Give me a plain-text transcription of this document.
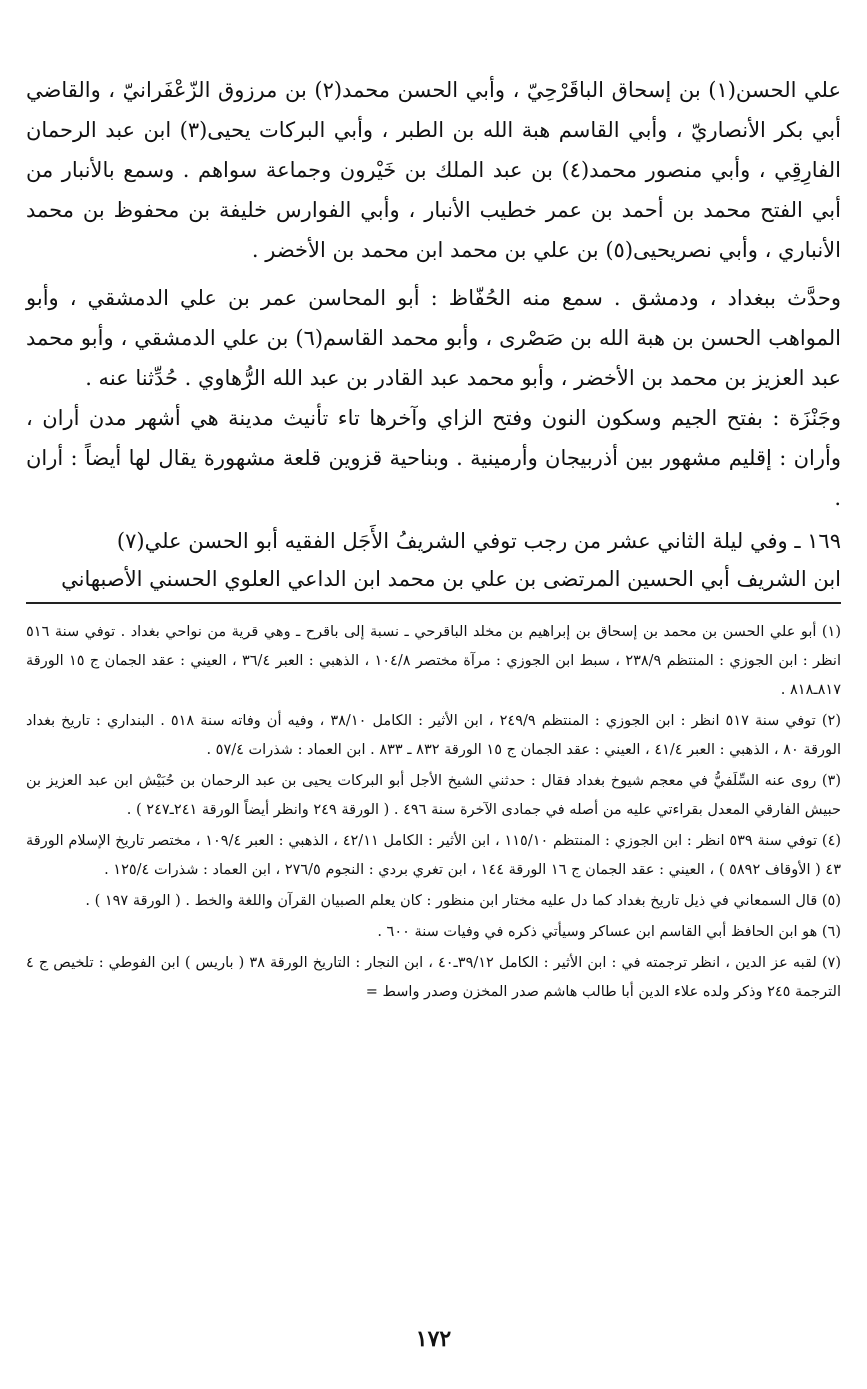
علي الحسن(١) بن إسحاق الباقَرْحِيّ ، وأبي الحسن محمد(٢) بن مرزوق الزّعْفَرانيّ ، والقاضي أبي بكر الأنصاريّ ، وأبي القاسم هبة الله بن الطبر ، وأبي البركات يحيى(٣) ابن عبد الرحمان الفارِقِي ، وأبي منصور محمد(٤) بن عبد الملك بن خَيْرون وجماعة سواهم . وسمع بالأنبار من أبي الفتح محمد بن أحمد بن عمر خطيب الأنبار ، وأبي الفوارس خليفة بن محفوظ بن محمد الأنباري ، وأبي نصريحيى(٥) بن علي بن محمد ابن محمد بن الأخضر .

وحدَّث ببغداد ، ودمشق . سمع منه الحُفّاظ : أبو المحاسن عمر بن علي الدمشقي ، وأبو المواهب الحسن بن هبة الله بن صَصْرى ، وأبو محمد القاسم(٦) بن علي الدمشقي ، وأبو محمد عبد العزيز بن محمد بن الأخضر ، وأبو محمد عبد القادر بن عبد الله الرُّهاوي . حُدِّثنا عنه .

وجَنْزَة : بفتح الجيم وسكون النون وفتح الزاي وآخرها تاء تأنيث مدينة هي أشهر مدن أران ، وأران : إقليم مشهور بين أذربيجان وأرمينية . وبناحية قزوين قلعة مشهورة يقال لها أيضاً : أران .

١٦٩ ـ وفي ليلة الثاني عشر من رجب توفي الشريفُ الأَجَل الفقيه أبو الحسن علي(٧)
ابن الشريف أبي الحسين المرتضى بن علي بن محمد ابن الداعي العلوي الحسني الأصبهاني

(١) أبو علي الحسن بن محمد بن إسحاق بن إبراهيم بن مخلد الباقرحي ـ نسبة إلى باقرح ـ وهي قرية من نواحي بغداد . توفي سنة ٥١٦ انظر : ابن الجوزي : المنتظم ٢٣٨/٩ ، سبط ابن الجوزي : مرآة مختصر ١٠٤/٨ ، الذهبي : العبر ٣٦/٤ ، العيني : عقد الجمان ج ١٥ الورقة ٨١٧ـ٨١٨ .

(٢) توفي سنة ٥١٧ انظر : ابن الجوزي : المنتظم ٢٤٩/٩ ، ابن الأثير : الكامل ٣٨/١٠ ، وفيه أن وفاته سنة ٥١٨ . البنداري : تاريخ بغداد الورقة ٨٠ ، الذهبي : العبر ٤١/٤ ، العيني : عقد الجمان ج ١٥ الورقة ٨٣٢ ـ ٨٣٣ . ابن العماد : شذرات ٥٧/٤ .

(٣) روى عنه السِّلَفيُّ في معجم شيوخ بغداد فقال : حدثني الشيخ الأجل أبو البركات يحيى بن عبد الرحمان بن حُبَيْش ابن عبد العزيز بن حبيش الفارقي المعدل بقراءتي عليه من أصله في جمادى الآخرة سنة ٤٩٦ . ( الورقة ٢٤٩ وانظر أيضاً الورقة ٢٤١ـ٢٤٧ ) .

(٤) توفي سنة ٥٣٩ انظر : ابن الجوزي : المنتظم ١١٥/١٠ ، ابن الأثير : الكامل ٤٢/١١ ، الذهبي : العبر ١٠٩/٤ ، مختصر تاريخ الإسلام الورقة ٤٣ ( الأوقاف ٥٨٩٢ ) ، العيني : عقد الجمان ج ١٦ الورقة ١٤٤ ، ابن تغري بردي : النجوم ٢٧٦/٥ ، ابن العماد : شذرات ١٢٥/٤ .

(٥) قال السمعاني في ذيل تاريخ بغداد كما دل عليه مختار ابن منظور : كان يعلم الصبيان القرآن واللغة والخط . ( الورقة ١٩٧ ) .

(٦) هو ابن الحافظ أبي القاسم ابن عساكر وسيأتي ذكره في وفيات سنة ٦٠٠ .

(٧) لقبه عز الدين ، انظر ترجمته في : ابن الأثير : الكامل ٣٩/١٢ـ٤٠ ، ابن النجار : التاريخ الورقة ٣٨ ( باريس ) ابن الفوطي : تلخيص ج ٤ الترجمة ٢٤٥ وذكر ولده علاء الدين أبا طالب هاشم صدر المخزن وصدر واسط =

١٧٢
